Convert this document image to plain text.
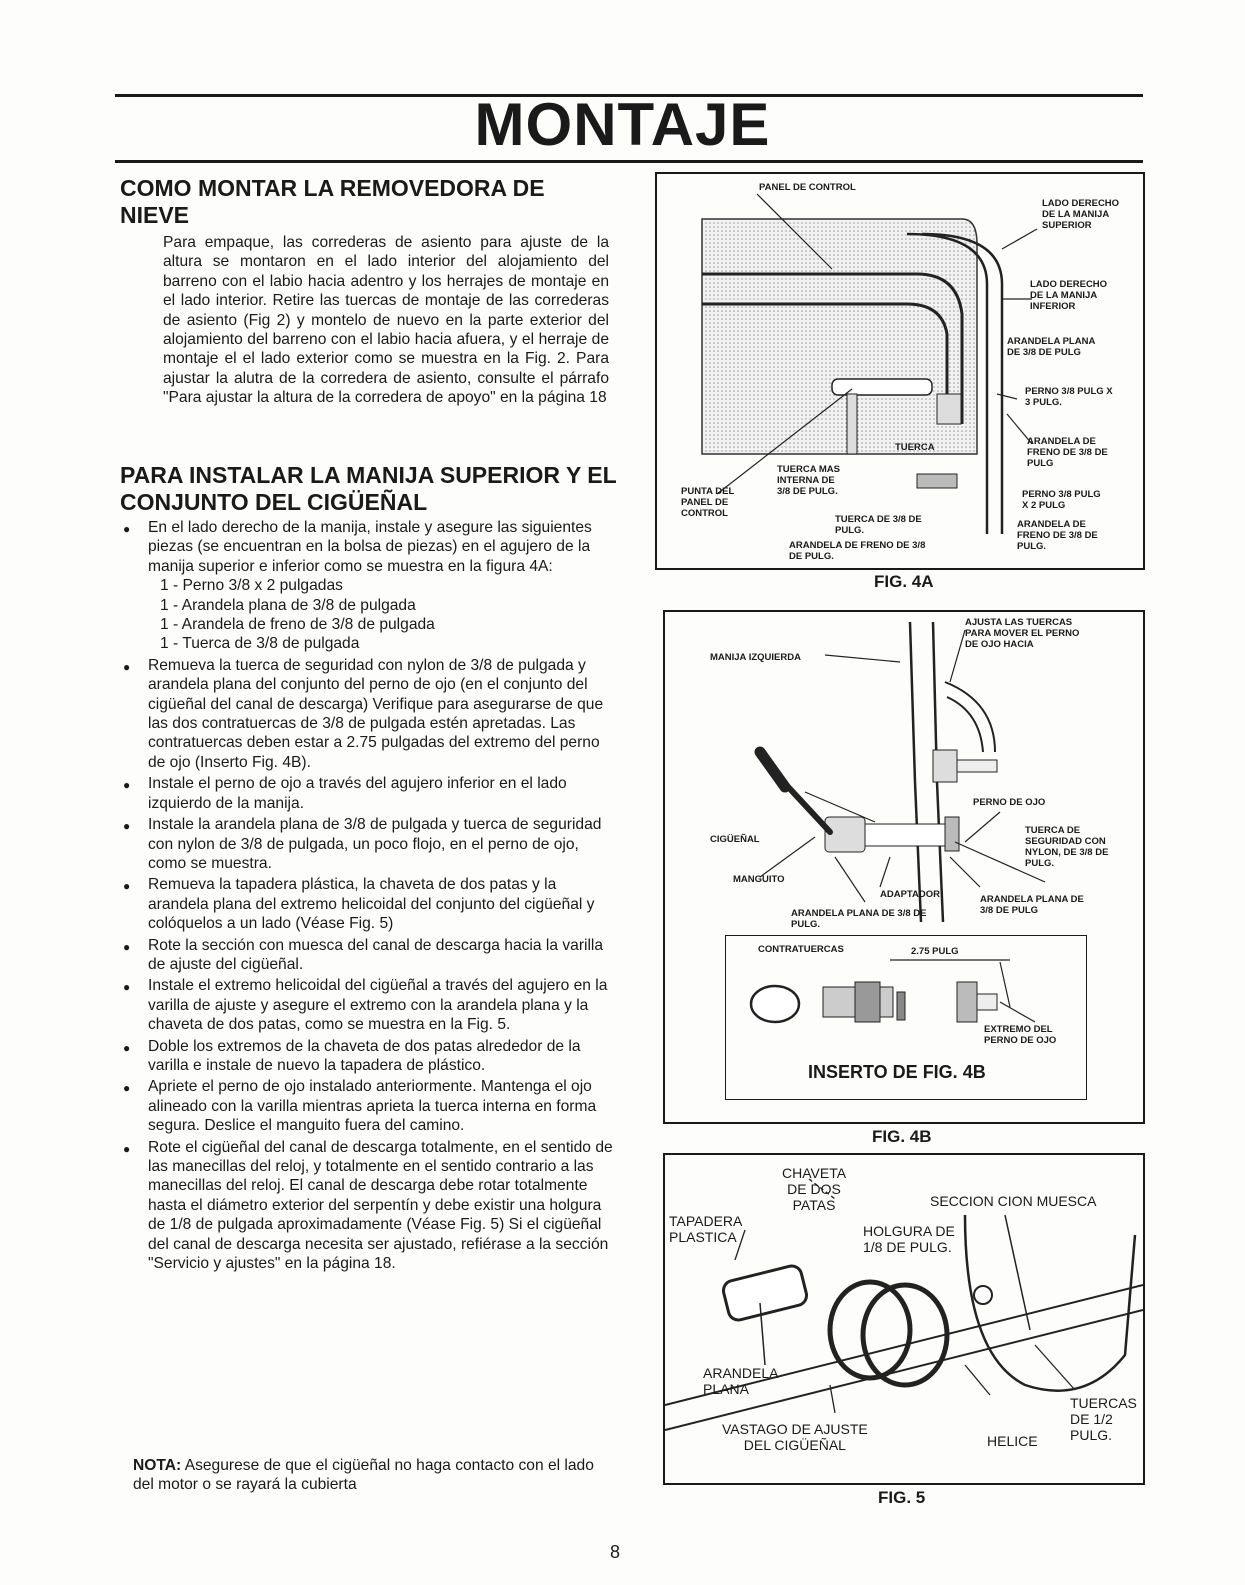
MONTAJE
COMO MONTAR LA REMOVEDORA DE NIEVE
Para empaque, las correderas de asiento para ajuste de la altura se montaron en el lado interior del alojamiento del barreno con el labio hacia adentro y los herrajes de montaje en el lado interior. Retire las tuercas de montaje de las correderas de asiento (Fig 2) y montelo de nuevo en la parte exterior del alojamiento del barreno con el labio hacia afuera, y el herraje de montaje el el lado exterior como se muestra en la Fig. 2. Para ajustar la alutra de la corredera de asiento, consulte el párrafo "Para ajustar la altura de la corredera de apoyo" en la página 18
PARA INSTALAR LA MANIJA SUPERIOR Y EL CONJUNTO DEL CIGÜEÑAL
● En el lado derecho de la manija, instale y asegure las siguientes piezas (se encuentran en la bolsa de piezas) en el agujero de la manija superior e inferior como se muestra en la figura 4A:
1 - Perno 3/8 x 2 pulgadas
1 - Arandela plana de 3/8 de pulgada
1 - Arandela de freno de 3/8 de pulgada
1 - Tuerca de 3/8 de pulgada
● Remueva la tuerca de seguridad con nylon de 3/8 de pulgada y arandela plana del conjunto del perno de ojo (en el conjunto del cigüeñal del canal de descarga) Verifique para asegurarse de que las dos contratuercas de 3/8 de pulgada estén apretadas. Las contratuercas deben estar a 2.75 pulgadas del extremo del perno de ojo (Inserto Fig. 4B).
● Instale el perno de ojo a través del agujero inferior en el lado izquierdo de la manija.
● Instale la arandela plana de 3/8 de pulgada y tuerca de seguridad con nylon de 3/8 de pulgada, un poco flojo, en el perno de ojo, como se muestra.
● Remueva la tapadera plástica, la chaveta de dos patas y la arandela plana del extremo helicoidal del conjunto del cigüeñal y colóquelos a un lado (Véase Fig. 5)
● Rote la sección con muesca del canal de descarga hacia la varilla de ajuste del cigüeñal.
● Instale el extremo helicoidal del cigüeñal a través del agujero en la varilla de ajuste y asegure el extremo con la arandela plana y la chaveta de dos patas, como se muestra en la Fig. 5.
● Doble los extremos de la chaveta de dos patas alrededor de la varilla e instale de nuevo la tapadera de plástico.
● Apriete el perno de ojo instalado anteriormente. Mantenga el ojo alineado con la varilla mientras aprieta la tuerca interna en forma segura. Deslice el manguito fuera del camino.
● Rote el cigüeñal del canal de descarga totalmente, en el sentido de las manecillas del reloj, y totalmente en el sentido contrario a las manecillas del reloj. El canal de descarga debe rotar totalmente hasta el diámetro exterior del serpentín y debe existir una holgura de 1/8 de pulgada aproximadamente (Véase Fig. 5) Si el cigüeñal del canal de descarga necesita ser ajustado, refiérase a la sección "Servicio y ajustes" en la página 18.
NOTA: Asegurese de que el cigüeñal no haga contacto con el lado del motor o se rayará la cubierta
PANEL DE CONTROL
LADO DERECHO
DE LA MANIJA
SUPERIOR
LADO DERECHO
DE LA MANIJA
INFERIOR
ARANDELA PLANA
DE 3/8 DE PULG
PERNO 3/8 PULG X
3 PULG.
ARANDELA DE
FRENO DE 3/8 DE
PULG
TUERCA
TUERCA MAS
INTERNA DE
3/8 DE PULG.
PUNTA DEL
PANEL DE
CONTROL
PERNO 3/8 PULG
X 2 PULG
ARANDELA DE
FRENO DE 3/8 DE
PULG.
TUERCA DE 3/8 DE
PULG.
ARANDELA DE FRENO DE 3/8
DE PULG.
FIG. 4A
AJUSTA LAS TUERCAS
PARA MOVER EL PERNO
DE OJO HACIA
MANIJA IZQUIERDA
PERNO DE OJO
CIGÜEÑAL
TUERCA DE
SEGURIDAD CON
NYLON, DE 3/8 DE
PULG.
MANGUITO
ADAPTADOR
ARANDELA PLANA DE 3/8 DE
PULG.
ARANDELA PLANA DE
3/8 DE PULG
CONTRATUERCAS	2.75 PULG
EXTREMO DEL
PERNO DE OJO
INSERTO DE FIG. 4B
FIG. 4B
CHAVETA
DE DOS
PATAS	SECCION CION MUESCA
TAPADERA
PLASTICA	HOLGURA DE
1/8 DE PULG.
ARANDELA
PLANA
TUERCAS
DE 1/2
PULG.
VASTAGO DE AJUSTE
DEL CIGÜEÑAL	HELICE
FIG. 5
8
